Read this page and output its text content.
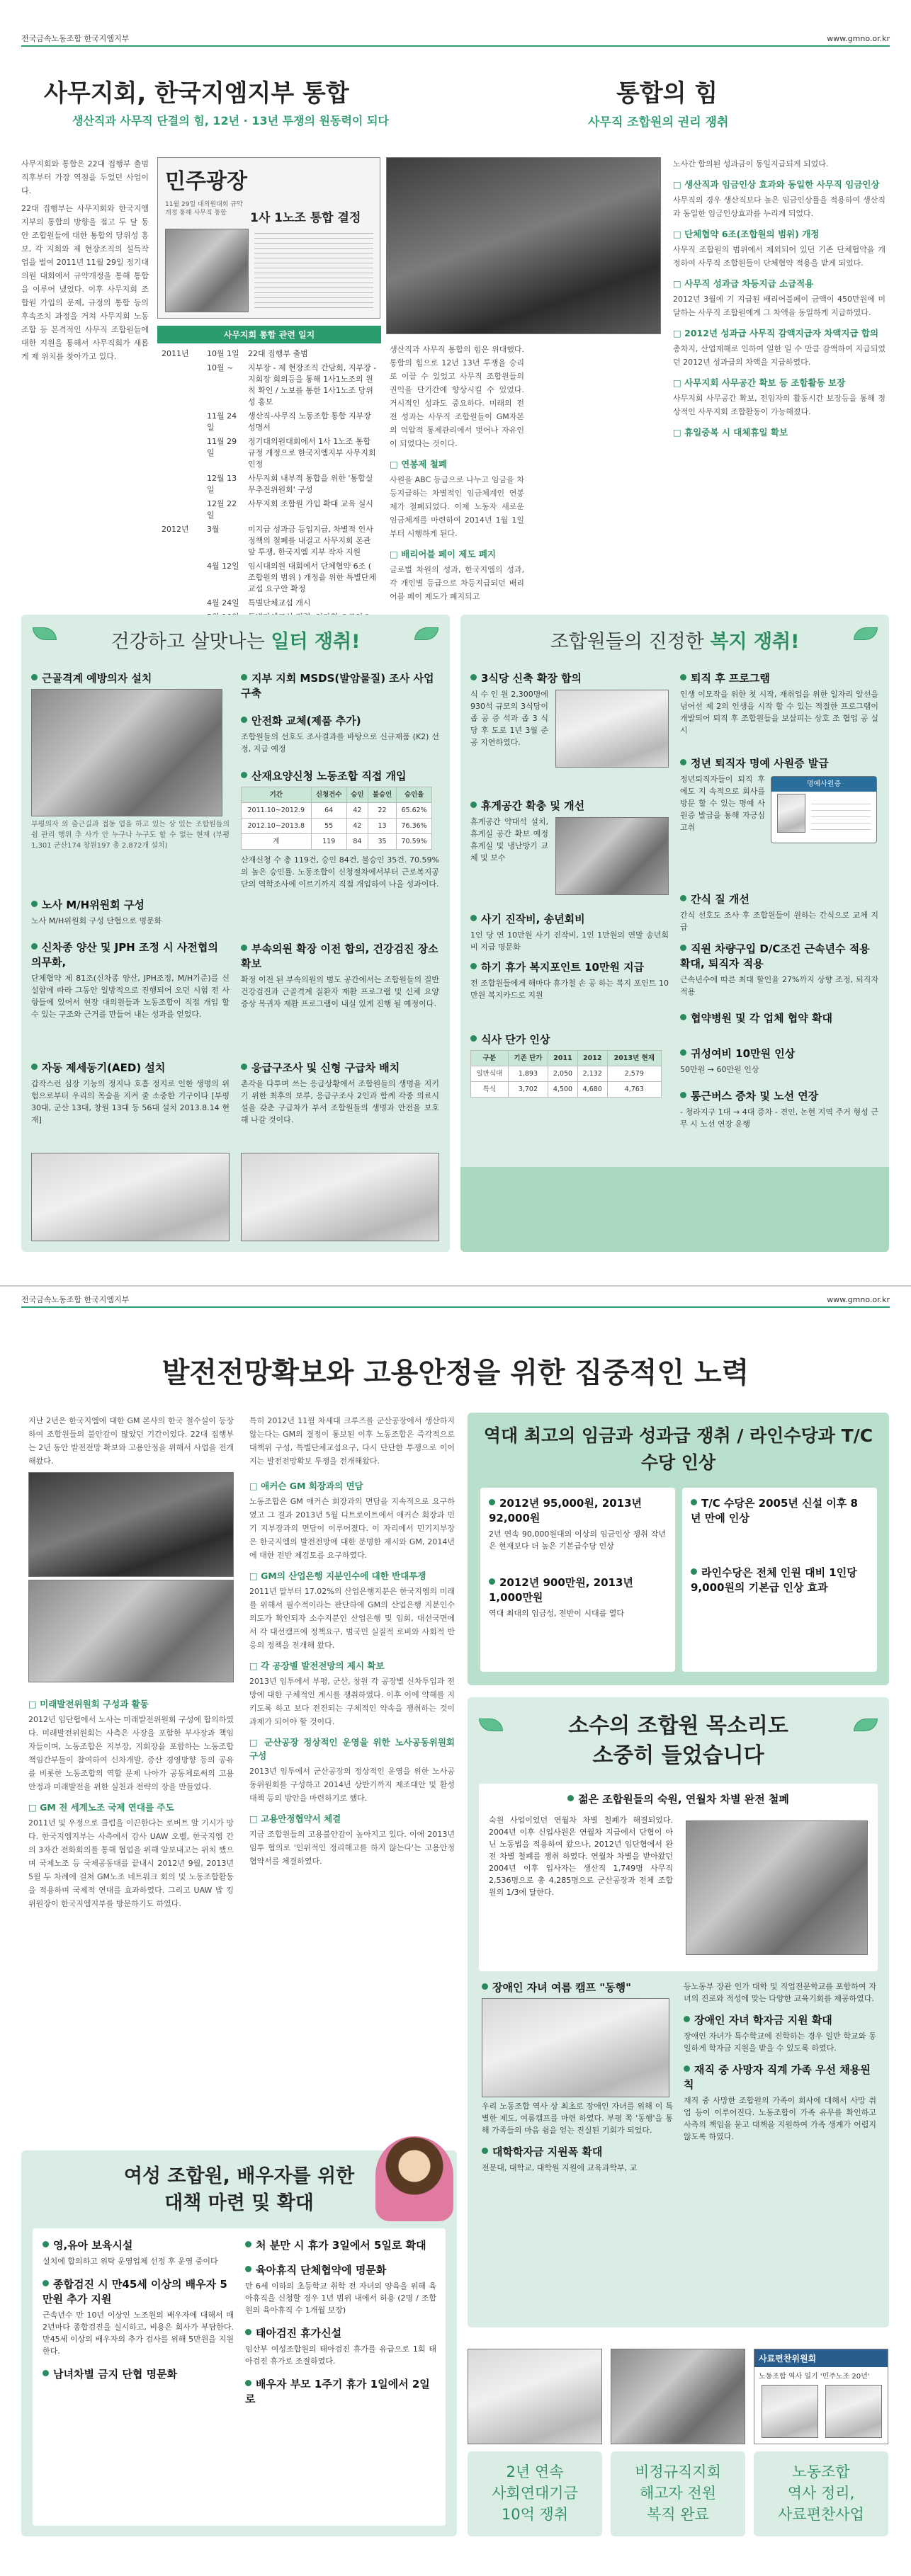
전국금속노동조합 한국지엠지부	www.gmno.or.kr
사무지회, 한국지엠지부 통합
생산직과 사무직 단결의 힘, 12년 · 13년 투쟁의 원동력이 되다
통합의 힘
사무직 조합원의 권리 쟁취

사무지회와 통합은 22대 집행부 출범 직후부터 가장 역점을 두었던 사업이다.

22대 집행부는 사무지회와 한국지엠지부의 통합의 방향을 접고 두 달 동안 조합원들에 대한 통합의 당위성 홍보, 각 지회와 제 현장조직의 설득작업을 벌여 2011년 11월 29일 정기대의원 대회에서 규약개정을 통해 통합을 이루어 냈었다. 이후 사무지회 조합원 가입의 문제, 규정의 통합 등의 후속조치 과정을 거쳐 사무지회 노동조합 등 본격적인 사무직 조합원들에 대한 지원을 통해서 사무직회가 새롭게 제 위치를 찾아가고 있다.

민주광장
1사 1노조 통합 결정
11월 29일 대의원대회 규약개정 통해 사무직 통합
사무지회 통합 관련 일지
2011년	10월 1일	22대 집행부 출범
	10월 ~	지부장 - 제 현장조직 간담회, 지부장 - 지회장 회의등을 통해 1사1노조의 원칙 확인 / 노보를 통한 1사1노조 당위성 홍보
	11월 24일	생산직-사무직 노동조합 통합 지부장 성명서
	11월 29일	정기대의원대회에서 1사 1노조 통합 규정 개정으로 한국지엠지부 사무지회 인정
	12월 13일	사무지회 내부적 통합을 위한 '통합실무추진위원회' 구성
	12월 22일	사무지회 조합원 가입 확대 교육 실시
2012년	3월	미지급 성과금 등입지급, 차별적 인사정책의 철폐를 내걸고 사무지회 본관 앞 투쟁, 한국지엠 지부 작자 지원
	4월 12일	임시대의원 대회에서 단체협약 6조 ( 조합원의 범위 ) 개정을 위한 특별단체교섭 요구안 확정
	4월 24일	특별단체교섭 개시

생산직과 사무직 통합의 힘은 위대했다. 통합의 힘으로 12년 13년 투쟁을 승리로 이끌 수 있었고 사무직 조합원들의 권익을 단기간에 향상시킬 수 있었다. 거시적인 성과도 중요하다. 미래의 전 전 성과는 사무직 조합원들이 GM자본의 억압적 통제관리에서 벗어나 자유인이 되었다는 것이다.

□ 연봉제 철폐

사원을 ABC 등급으로 나누고 임금을 차등지급하는 차별적인 임금체계인 연봉제가 철폐되었다. 이제 노동자 새로운 임금체계를 마련하여 2014년 1월 1일부터 시행하게 된다.

□ 배리어블 페이 제도 폐지

글로벌 차원의 성과, 한국지엠의 성과, 각 개인별 등급으로 차등지급되던 배리어블 페이 제도가 폐지되고

노사간 합의된 성과금이 동일지급되게 되었다.

□ 생산직과 임금인상 효과와 동일한 사무직 임금인상

사무직의 경우 생산직보다 높은 임금인상률을 적용하여 생산직과 동일한 임금인상효과를 누리게 되었다.

□ 단체협약 6조(조합원의 범위) 개정

사무직 조합원의 범위에서 제외되어 있던 기존 단체협약을 개정하여 사무직 조합원들이 단체협약 적용을 받게 되었다.

□ 사무직 성과급 차등지급 소급적용

2012년 3월에 기 지급된 배리어블페이 금액이 450만원에 미달하는 사무직 조합원에게 그 차액을 동일하게 지급하였다.

□ 2012년 성과급 사무직 감액지급자 차액지급 합의

총차지, 산업재해로 인하여 일한 일 수 만큼 감액하여 지급되었던 2012년 성과급의 차액을 지급하였다.

□ 사무지회 사무공간 확보 등 조합활동 보장

사무지회 사무공간 확보, 전임자의 활동시간 보장등을 통해 정상적인 사무지회 조합활동이 가능해졌다.

□ 휴일중복 시 대체휴일 확보
건강하고 살맛나는 일터 쟁취!
근골격계 예방의자 설치

부평의자 외 출근길과 접동 업을 하고 있는 상 있는 조합원들의 쉼 관리 행위 추 사가 안 누구나 누구도 할 수 없는 현재 (부평 1,301 군산174 창원197 총 2,872개 설치)

노사 M/H위원회 구성

노사 M/H위원회 구성 단협으로 명문화

신차종 양산 및 JPH 조정 시 사전협의 의무화,

단체협약 제 81조(신차종 양산, JPH조정, M/H기준)를 신설함에 따라 그동안 일방적으로 진행되어 오던 시험 전 사항들에 있어서 현장 대의원들과 노동조합이 직접 개입 할 수 있는 구조와 근거를 만들어 내는 성과를 얻었다.

자동 제세동기(AED) 설치

갑작스런 심장 기능의 정지나 호흡 정지로 인한 생명의 위험으로부터 우리의 목숨을 지켜 줄 소중한 기구이다 [부평 30대, 군산 13대, 창원 13대 등 56대 설치 2013.8.14 현재]

지부 지회 MSDS(발암물질) 조사 사업 구축
안전화 교체(제품 추가)

조합원들의 선호도 조사결과를 바탕으로 신규제품 (K2) 선정, 지급 예정

산재요양신청 노동조합 직접 개입
기간	신청건수	승인	불승인	승인율
2011.10~2012.9	64	42	22	65.62%
2012.10~2013.8	55	42	13	76.36%
계	119	84	35	70.59%

산재신청 수 총 119건, 승인 84건, 불승인 35건. 70.59%의 높은 승인률. 노동조합이 신청절차에서부터 근로복지공단의 역학조사에 이르기까지 직접 개입하여 나올 성과이다.

부속의원 확장 이전 합의, 건강검진 장소 확보

확정 이전 된 부속의원의 범도 공간에서는 조합원들의 질반 건강검진과 근골격계 질환자 재활 프로그램 및 신체 요양 증상 복귀자 재활 프로그램이 내실 있게 진행 될 예정이다.

응급구조사 및 신형 구급차 배치

촌각을 다투며 쓰는 응급상황에서 조합원들의 생명을 지키기 위한 최후의 보루, 응급구조사 2인과 함께 각종 의료시설을 갖춘 구급차가 부서 조합원들의 생명과 안전을 보호 해 나갈 것이다.

조합원들의 진정한 복지 쟁취!
3식당 신축 확장 합의

식 수 인 원 2,300명에 930석 규모의 3식당이 좁 공 증 석과 좁 3 식당 후 도로 1년 3월 준공 지연하였다.

휴게공간 확충 및 개선

휴게공간 약대석 설치, 휴게실 공간 확보 예정 휴게실 및 냉난방기 교체 및 보수

사기 진작비, 송년회비

1인 당 연 10만원 사기 진작비, 1인 1만원의 연말 송년회비 지급 명문화

하기 휴가 복지포인트 10만원 지급

전 조합원들에게 해마다 휴가철 손 공 하는 복지 포인트 10만원 복지카드로 지원

식사 단가 인상
구분	기존 단가	2011	2012	2013년 현재
일반식대	1,893	2,050	2,132	2,579
특식	3,702	4,500	4,680	4,763
퇴직 후 프로그램

인생 이모작을 위한 첫 시작, 재취업을 위한 일자리 알선을 넘어선 제 2의 인생을 시작 할 수 있는 적절한 프로그램이 개발되어 퇴직 후 조합원들을 보살피는 상호 조 협업 공 실시

정년 퇴직자 명예 사원증 발급

정년퇴직자들이 퇴직 후에도 지 속적으로 회사를 방문 할 수 있는 명예 사원증 발급을 통해 자긍심 고취

명예사원증
간식 질 개선

간식 선호도 조사 후 조합원들이 원하는 간식으로 교체 지급

직원 차량구입 D/C조건 근속년수 적용 확대, 퇴직자 적용

근속년수에 따른 최대 할인율 27%까지 상향 조정, 퇴직자 적용

협약병원 및 각 업체 협약 확대
귀성여비 10만원 인상

50만원 → 60만원 인상

통근버스 증차 및 노선 연장

- 청라지구 1대 → 4대 증차 - 견인, 논현 지역 주거 형성 근무 시 노선 연장 운행

전국금속노동조합 한국지엠지부	www.gmno.or.kr
발전전망확보와 고용안정을 위한 집중적인 노력

지난 2년은 한국지엠에 대한 GM 본사의 한국 철수설이 등장하여 조합원들의 불안감이 많았던 기간이었다. 22대 집행부는 2년 동안 발전전망 확보와 고용안정을 위해서 사업을 전개해왔다.

특히 2012년 11월 차세대 크루즈를 군산공장에서 생산하지 않는다는 GM의 결정이 통보된 이후 노동조합은 즉각적으로 대책위 구성, 특별단체교섭요구, 다시 단단한 투쟁으로 이어지는 발전전망확보 투쟁을 전개해왔다.

□ 미래발전위원회 구성과 활동

2012년 임단협에서 노사는 미래발전위원회 구성에 합의하였다. 미래발전위원회는 사측은 사장을 포함한 부사장과 책임자들이며, 노동조합은 지부장, 지회장을 포함하는 노동조합 책임간부들이 참여하여 신차개발, 증산 경영방향 등의 공유를 비롯한 노동조합의 역할 문제 나아가 공동체로써의 고용안정과 미래발전을 위한 실천과 전략의 장을 만들었다.

□ GM 전 세계노조 국제 연대를 주도

2011년 및 우정으로 클럽을 이끈한다는 로버트 알 기시가 망다. 한국지엠지부는 사측에서 감사 UAW 오벨, 한국지엠 간의 3자간 전화회의를 통해 협업을 위해 알보내고는 위치 했으며 국제노조 등 국제공동대를 끝내시 2012년 9월, 2013년 5월 두 차례에 걸쳐 GM노조 네트워크 회의 및 노동조합활동을 적용하며 국제적 연대를 효과하였다. 그리고 UAW 밥 킹 위원장이 한국지엠지부를 방문하기도 하였다.

□ 애커슨 GM 회장과의 면담

노동조합은 GM 애커슨 회장과의 면담을 지속적으로 요구하였고 그 결과 2013년 5월 디트로이트에서 애커슨 회장과 민기 지부장과의 면담이 이루어졌다. 이 자리에서 민기지부장은 한국지엠의 발전전망에 대한 분명한 제시와 GM, 2014년에 대한 전반 제검토를 요구하였다.

□ GM의 산업은행 지분인수에 대한 반대투쟁

2011년 말부터 17.02%의 산업은행지분은 한국지엠의 미래를 위해서 필수적이라는 판단하에 GM의 산업은행 지분인수 의도가 확인되자 소수지분인 산업은행 및 임회, 대선국면에서 각 대선캠프에 정책요구, 범국민 실질적 로비와 사회적 반응의 정책을 전개해 왔다.

□ 각 공장별 발전전망의 제시 확보

2013년 임투에서 부평, 군산, 창원 각 공장별 신차투입과 전망에 대한 구체적인 계시를 쟁취하였다. 이후 이에 약해를 지키도록 하고 보다 전진되는 구체적인 약속을 쟁취하는 것이 과제가 되어야 할 것이다.

□ 군산공장 정상적인 운영을 위한 노사공동위원회 구성

2013년 임투에서 군산공장의 정상적인 운영을 위한 노사공동위원회를 구성하고 2014년 상반기까지 제조대안 및 활성대책 등의 방안을 마련하기로 했다.

□ 고용안정협약서 체결

지금 조합원들의 고용불안감이 높아지고 있다. 이에 2013년 임투 협의로 '인위적인 정리해고를 하지 않는다'는 고용안정협약서를 체결하였다.

역대 최고의 임금과 성과급 쟁취 / 라인수당과 T/C 수당 인상
2012년 95,000원, 2013년 92,000원

2년 연속 90,000원대의 이상의 임금인상 쟁취 작년은 현재보다 더 높은 기본급수당 인상

2012년 900만원, 2013년 1,000만원

역대 최대의 임금성, 전반이 시대를 열다

T/C 수당은 2005년 신설 이후 8년 만에 인상
라인수당은 전체 인원 대비 1인당 9,000원의 기본급 인상 효과
소수의 조합원 목소리도
소중히 들었습니다
젊은 조합원들의 숙원, 연월차 차별 완전 철폐

숙원 사업이었던 연월차 차별 철폐가 해결되었다. 2004년 이후 신입사원은 연월차 지급에서 단협이 아닌 노동법을 적용하여 왔으나, 2012년 임단협에서 완전 차별 철폐를 쟁취 하였다. 연월차 차별을 받아왔던 2004년 이후 입사자는 생산직 1,749명 사무직 2,536명으로 총 4,285명으로 군산공장과 전체 조합원의 1/3에 달한다.

장애인 자녀 여름 캠프 "동행"

우리 노동조합 역사 상 최초로 장애인 자녀를 위해 이 특별한 제도, 여름캠프를 마련 하였다. 부평 쪽 '동행'을 통해 가족들의 마음 쉼을 얻는 진실된 기회가 되었다.

대학학자금 지원폭 확대

전문대, 대학교, 대학원 지원에 교육과학부, 교

등노동부 장관 인가 대학 및 직업전문학교를 포함하여 자녀의 진로와 적성에 맞는 다양한 교육기회를 제공하였다.

장애인 자녀 학자금 지원 확대

장애인 자녀가 특수학교에 진학하는 경우 일반 학교와 동일하게 학자금 지원을 받을 수 있도록 하였다.

재직 중 사망자 직계 가족 우선 채용원칙

재직 중 사망한 조합원의 가족이 회사에 대해서 사망 취업 등이 이루어진다. 노동조합이 가족 유무를 확인하고 사측의 책임을 묻고 대책을 지원하여 가족 생계가 어렵지 않도록 하였다.

여성 조합원, 배우자를 위한
대책 마련 및 확대
영,유아 보육시설

설치에 합의하고 위탁 운영업체 선정 후 운영 중이다

종합검진 시 만45세 이상의 배우자 5만원 추가 지원

근속년수 만 10년 이상인 노조원의 배우자에 대해서 매 2년마다 종합검진을 실시하고, 비용은 회사가 부담한다. 만45세 이상의 배우자의 추가 검사를 위해 5만원을 지원한다.

남녀차별 금지 단협 명문화
처 분만 시 휴가 3일에서 5일로 확대
육아휴직 단체협약에 명문화

만 6세 이하의 초등학교 취학 전 자녀의 양육을 위해 육아휴직을 신청할 경우 1년 범위 내에서 허용 (2명 / 조합원의 육아휴직 수 1개월 보장)

태아검진 휴가신설

임산부 여성조합원의 태아검진 휴가를 유급으로 1회 태아검진 휴가로 조절하였다.

배우자 부모 1주기 휴가 1일에서 2일로
사료편찬위원회
노동조합 역사 일기 '민주노조 20년'
2년 연속
사회연대기금
10억 쟁취
비정규직지회
해고자 전원
복직 완료
노동조합
역사 정리,
사료편찬사업
